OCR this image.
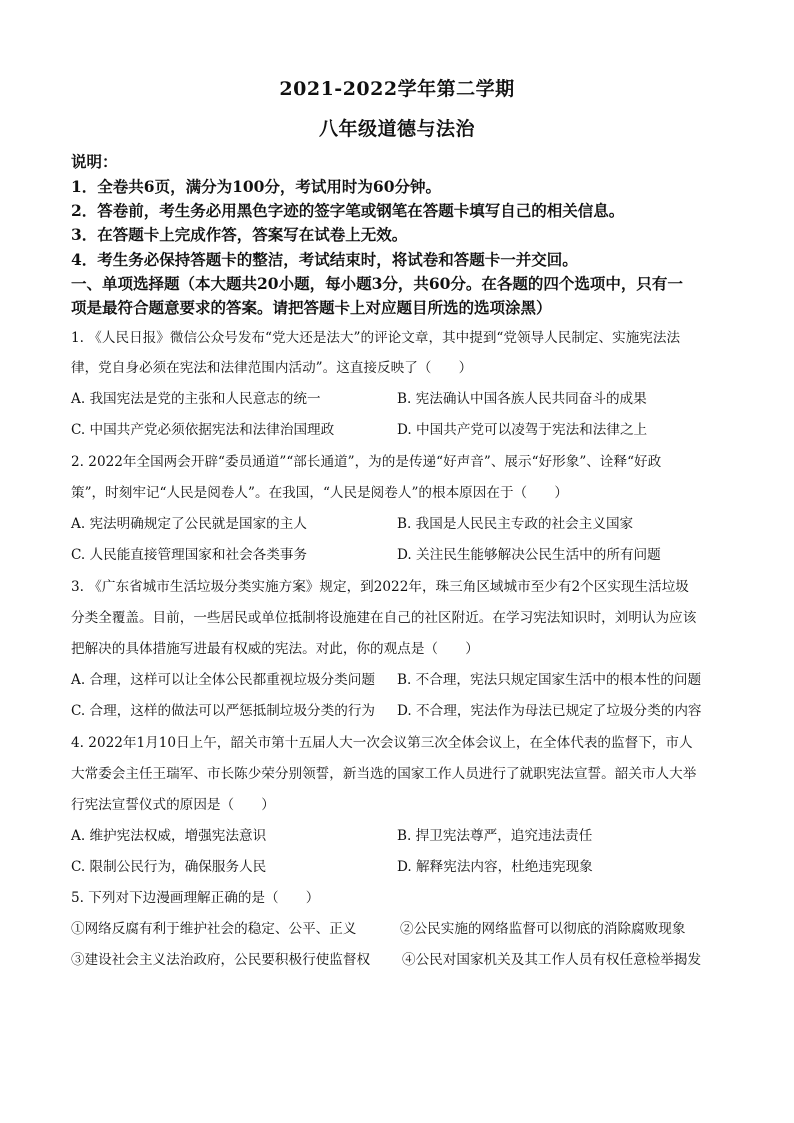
2021-2022学年第二学期
八年级道德与法治
说明：
1．全卷共6页，满分为100分，考试用时为60分钟。
2．答卷前，考生务必用黑色字迹的签字笔或钢笔在答题卡填写自己的相关信息。
3．在答题卡上完成作答，答案写在试卷上无效。
4．考生务必保持答题卡的整洁，考试结束时，将试卷和答题卡一并交回。
一、单项选择题（本大题共20小题，每小题3分，共60分。在各题的四个选项中，只有一
项是最符合题意要求的答案。请把答题卡上对应题目所选的选项涂黑）
1. 《人民日报》微信公众号发布“党大还是法大”的评论文章，其中提到“党领导人民制定、实施宪法法
律，党自身必须在宪法和法律范围内活动”。这直接反映了（　　）
A. 我国宪法是党的主张和人民意志的统一	B. 宪法确认中国各族人民共同奋斗的成果
C. 中国共产党必须依据宪法和法律治国理政	D. 中国共产党可以凌驾于宪法和法律之上
2. 2022年全国两会开辟“委员通道”“部长通道”，为的是传递“好声音”、展示“好形象”、诠释“好政
策”，时刻牢记“人民是阅卷人”。在我国，“人民是阅卷人”的根本原因在于（　　）
A. 宪法明确规定了公民就是国家的主人	B. 我国是人民民主专政的社会主义国家
C. 人民能直接管理国家和社会各类事务	D. 关注民生能够解决公民生活中的所有问题
3. 《广东省城市生活垃圾分类实施方案》规定，到2022年，珠三角区域城市至少有2个区实现生活垃圾
分类全覆盖。目前，一些居民或单位抵制将设施建在自己的社区附近。在学习宪法知识时，刘明认为应该
把解决的具体措施写进最有权威的宪法。对此，你的观点是（　　）
A. 合理，这样可以让全体公民都重视垃圾分类问题 B. 不合理，宪法只规定国家生活中的根本性的问题
C. 合理，这样的做法可以严惩抵制垃圾分类的行为 D. 不合理，宪法作为母法已规定了垃圾分类的内容
4. 2022年1月10日上午，韶关市第十五届人大一次会议第三次全体会议上，在全体代表的监督下，市人
大常委会主任王瑞军、市长陈少荣分别领誓，新当选的国家工作人员进行了就职宪法宣誓。韶关市人大举
行宪法宣誓仪式的原因是（　　）
A. 维护宪法权威，增强宪法意识	B. 捍卫宪法尊严，追究违法责任
C. 限制公民行为，确保服务人民	D. 解释宪法内容，杜绝违宪现象
5. 下列对下边漫画理解正确的是（　　）
①网络反腐有利于维护社会的稳定、公平、正义	②公民实施的网络监督可以彻底的消除腐败现象
③建设社会主义法治政府，公民要积极行使监督权 ④公民对国家机关及其工作人员有权任意检举揭发
